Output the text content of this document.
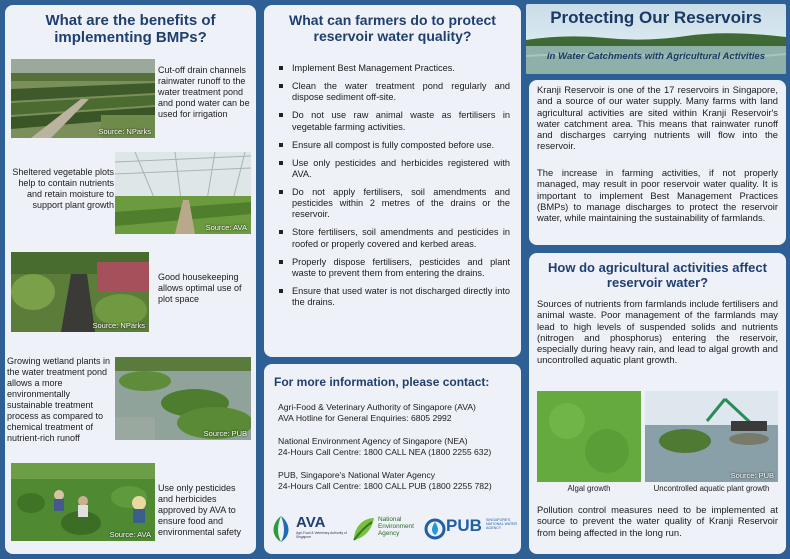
What are the benefits of implementing BMPs?
Source: NParks
Cut-off drain channels rainwater runoff to the water treatment pond and pond water can be used for irrigation
Sheltered vegetable plots help to contain nutrients and retain moisture to support plant growth
Source: AVA
Source: NParks
Good housekeeping allows optimal use of plot space
Growing wetland plants in the water treatment pond allows a more environmentally sustainable treatment process as compared to chemical treatment of nutrient-rich runoff	Source: PUB
Source: AVA
Use only pesticides and herbicides approved by AVA to ensure food and environmental safety
What can farmers do to protect reservoir water quality?
Implement Best Management Practices.
Clean the water treatment pond regularly and dispose sediment off-site.
Do not use raw animal waste as fertilisers in vegetable farming activities.
Ensure all compost is fully composted before use.
Use only pesticides and herbicides registered with AVA.
Do not apply fertilisers, soil amendments and pesticides within 2 metres of the drains or the reservoir.
Store fertilisers, soil amendments and pesticides in roofed or properly covered and kerbed areas.
Properly dispose fertilisers, pesticides and plant waste to prevent them from entering the drains.
Ensure that used water is not discharged directly into the drains.
For more information, please contact:
Agri-Food & Veterinary Authority of Singapore (AVA)
AVA Hotline for General Enquiries: 6805 2992
National Environment Agency of Singapore (NEA)
24-Hours Call Centre: 1800 CALL NEA (1800 2255 632)
PUB, Singapore's National Water Agency
24-Hours Call Centre: 1800 CALL PUB (1800 2255 782)
AVA
Agri-Food & Veterinary Authority of Singapore
National Environment Agency	PUB SINGAPORE'S NATIONAL WATER AGENCY
Protecting Our Reservoirs
in Water Catchments with Agricultural Activities
Kranji Reservoir is one of the 17 reservoirs in Singapore, and a source of our water supply. Many farms with land agricultural activities are sited within Kranji Reservoir's water catchment area. This means that rainwater runoff and discharges carrying nutrients will flow into the reservoir.
The increase in farming activities, if not properly managed, may result in poor reservoir water quality. It is important to implement Best Management Practices (BMPs) to manage discharges to protect the reservoir water, while maintaining the sustainability of farmlands.
How do agricultural activities affect reservoir water?
Sources of nutrients from farmlands include fertilisers and animal waste. Poor management of the farmlands may lead to high levels of suspended solids and nutrients (nitrogen and phosphorus) entering the reservoir, especially during heavy rain, and lead to algal growth and uncontrolled aquatic plant growth.
Source: PUB
Algal growth	Uncontrolled aquatic plant growth
Pollution control measures need to be implemented at source to prevent the water quality of Kranji Reservoir from being affected in the long run.
